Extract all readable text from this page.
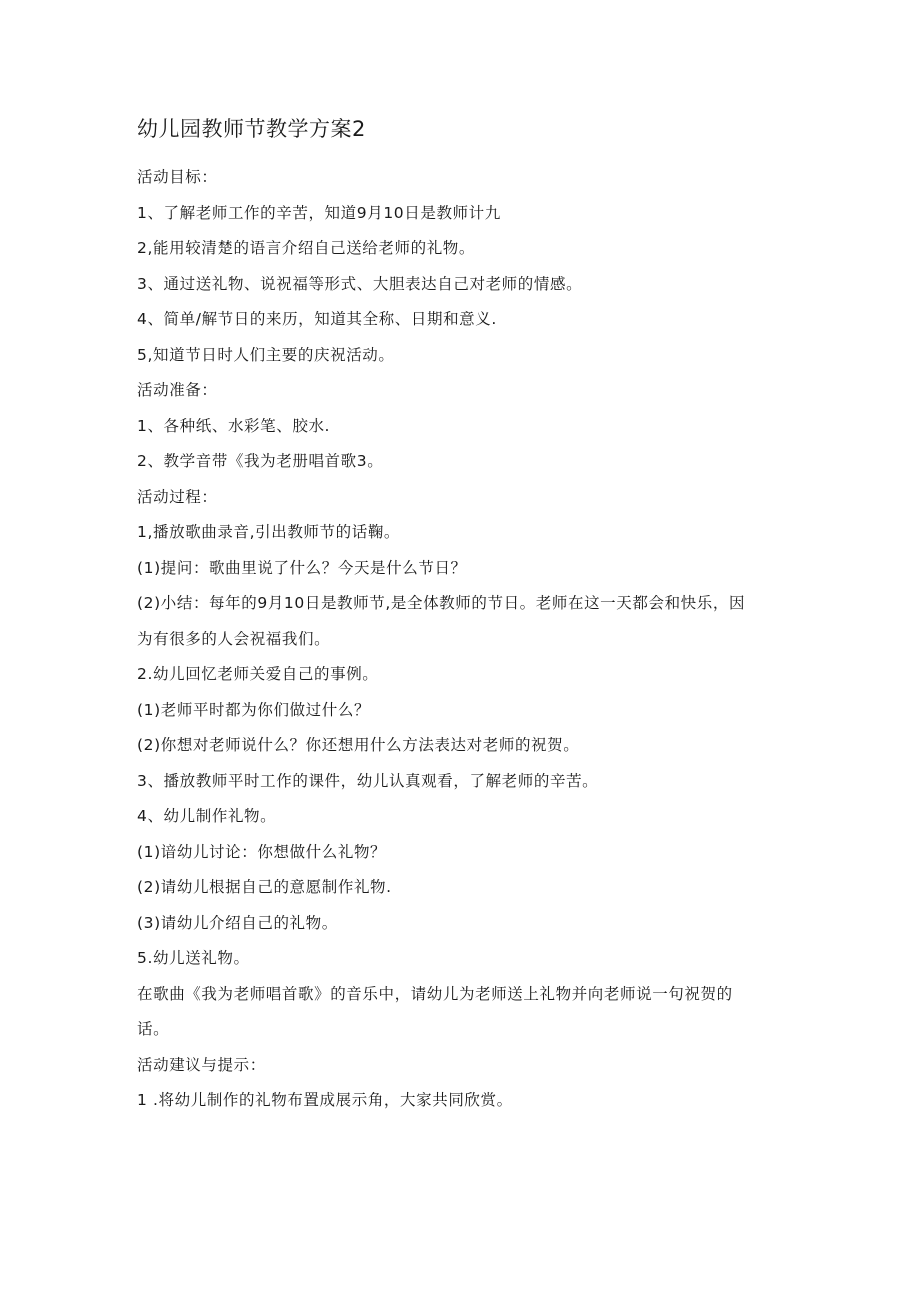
幼儿园教师节教学方案2
活动目标：
1、了解老师工作的辛苦，知道9月10日是教师计九
2,能用较清楚的语言介绍自己送给老师的礼物。
3、通过送礼物、说祝福等形式、大胆表达自己对老师的情感。
4、简单/解节日的来历，知道其全称、日期和意义.
5,知道节日时人们主要的庆祝活动。
活动准备：
1、各种纸、水彩笔、胶水.
2、教学音带《我为老册唱首歌3。
活动过程：
1,播放歌曲录音,引出教师节的话鞠。
(1)提问：歌曲里说了什么？今天是什么节日？
(2)小结：每年的9月10日是教师节,是全体教师的节日。老师在这一天都会和快乐，因
为有很多的人会祝福我们。
2.幼儿回忆老师关爱自己的事例。
(1)老师平时都为你们做过什么？
(2)你想对老师说什么？你还想用什么方法表达对老师的祝贺。
3、播放教师平时工作的课件，幼儿认真观看，了解老师的辛苦。
4、幼儿制作礼物。
(1)谙幼儿讨论：你想做什么礼物？
(2)请幼儿根据自己的意愿制作礼物.
(3)请幼儿介绍自己的礼物。
5.幼儿送礼物。
在歌曲《我为老师唱首歌》的音乐中，请幼儿为老师送上礼物并向老师说一句祝贺的
话。
活动建议与提示：
1 .将幼儿制作的礼物布置成展示角，大家共同欣赏。
